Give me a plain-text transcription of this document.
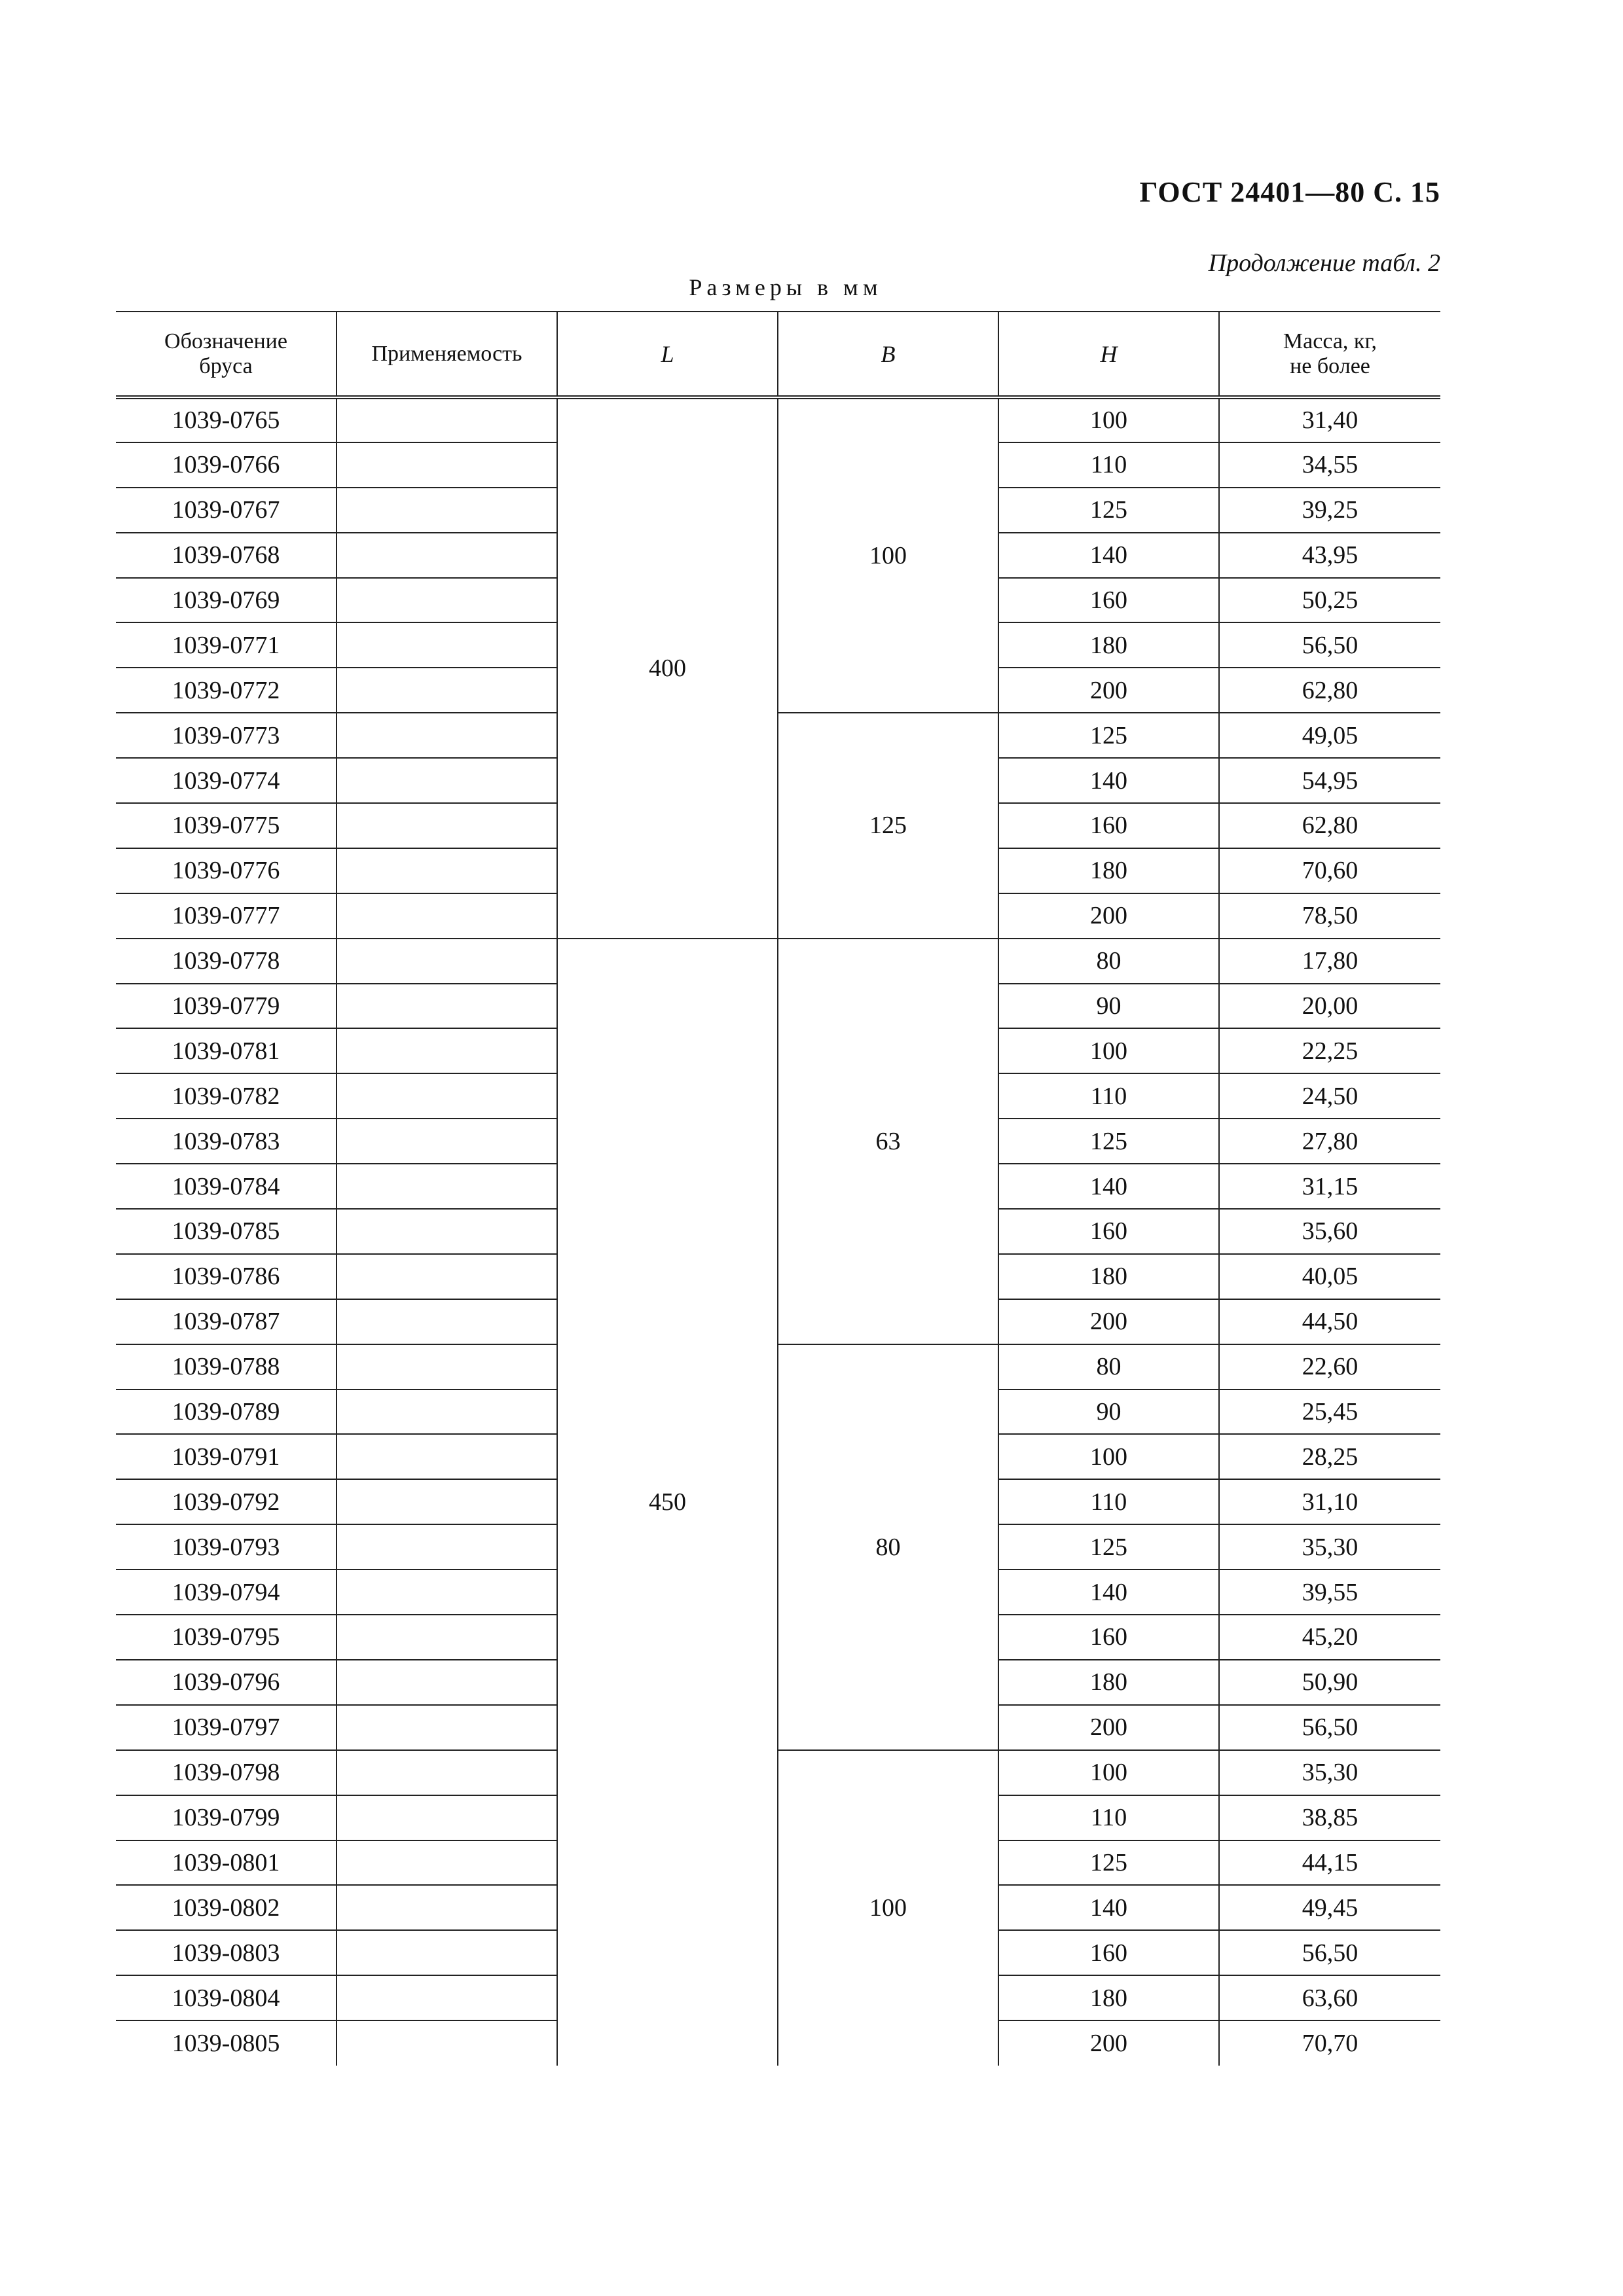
ГОСТ 24401—80 С. 15
Продолжение табл. 2
Размеры в мм
Обозначение
бруса	Применяемость	L	B	H	Масса, кг,
не более
1039-0765		400	100	100	31,40
1039-0766				110	34,55
1039-0767				125	39,25
1039-0768				140	43,95
1039-0769				160	50,25
1039-0771				180	56,50
1039-0772				200	62,80
1039-0773			125	125	49,05
1039-0774				140	54,95
1039-0775				160	62,80
1039-0776				180	70,60
1039-0777				200	78,50
1039-0778		450	63	80	17,80
1039-0779				90	20,00
1039-0781				100	22,25
1039-0782				110	24,50
1039-0783				125	27,80
1039-0784				140	31,15
1039-0785				160	35,60
1039-0786				180	40,05
1039-0787				200	44,50
1039-0788			80	80	22,60
1039-0789				90	25,45
1039-0791				100	28,25
1039-0792				110	31,10
1039-0793				125	35,30
1039-0794				140	39,55
1039-0795				160	45,20
1039-0796				180	50,90
1039-0797				200	56,50
1039-0798			100	100	35,30
1039-0799				110	38,85
1039-0801				125	44,15
1039-0802				140	49,45
1039-0803				160	56,50
1039-0804				180	63,60
1039-0805				200	70,70
